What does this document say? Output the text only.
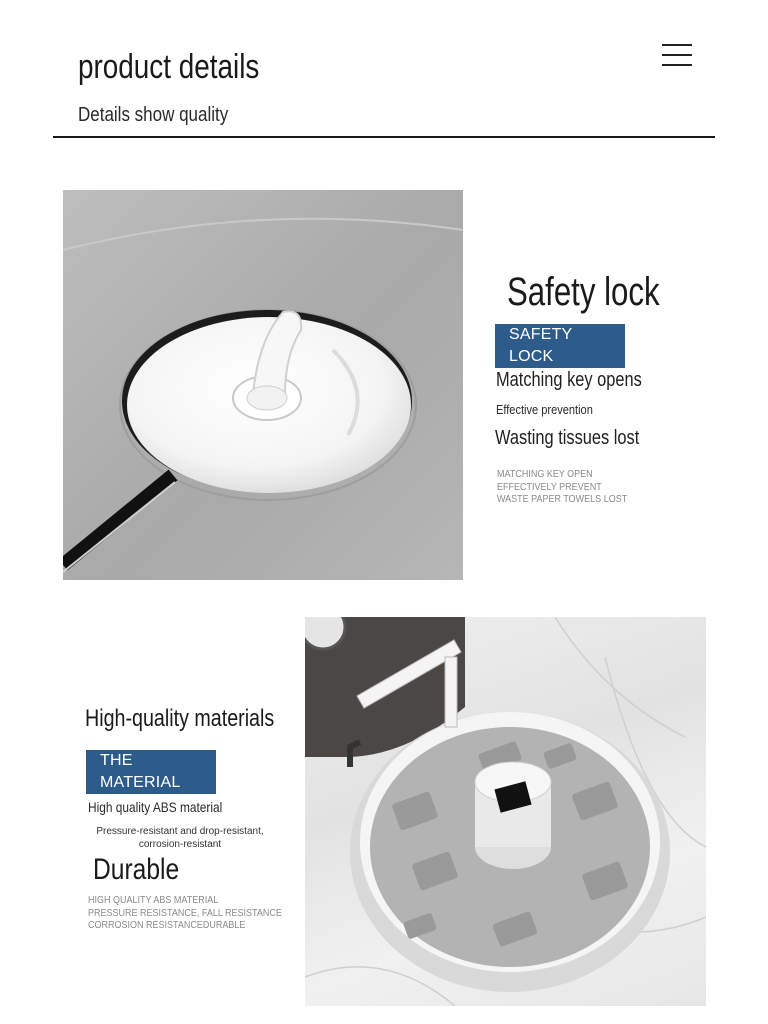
product details
Details show quality
Safety lock
SAFETY LOCK
Matching key opens
Effective prevention
Wasting tissues lost
MATCHING KEY OPEN
EFFECTIVELY PREVENT
WASTE PAPER TOWELS LOST
High-quality materials
THE MATERIAL
High quality ABS material
Pressure-resistant and drop-resistant,
corrosion-resistant
Durable
HIGH QUALITY ABS MATERIAL
PRESSURE RESISTANCE, FALL RESISTANCE
CORROSION RESISTANCEDURABLE
